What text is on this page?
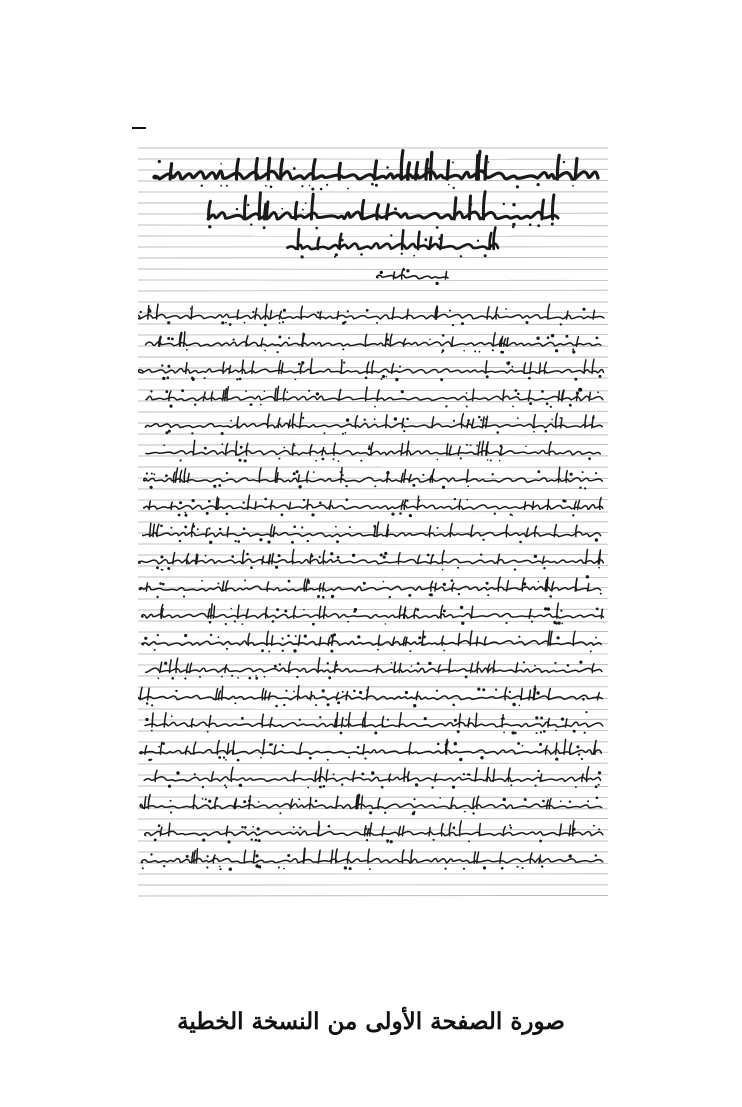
صورة الصفحة الأولى من النسخة الخطية
